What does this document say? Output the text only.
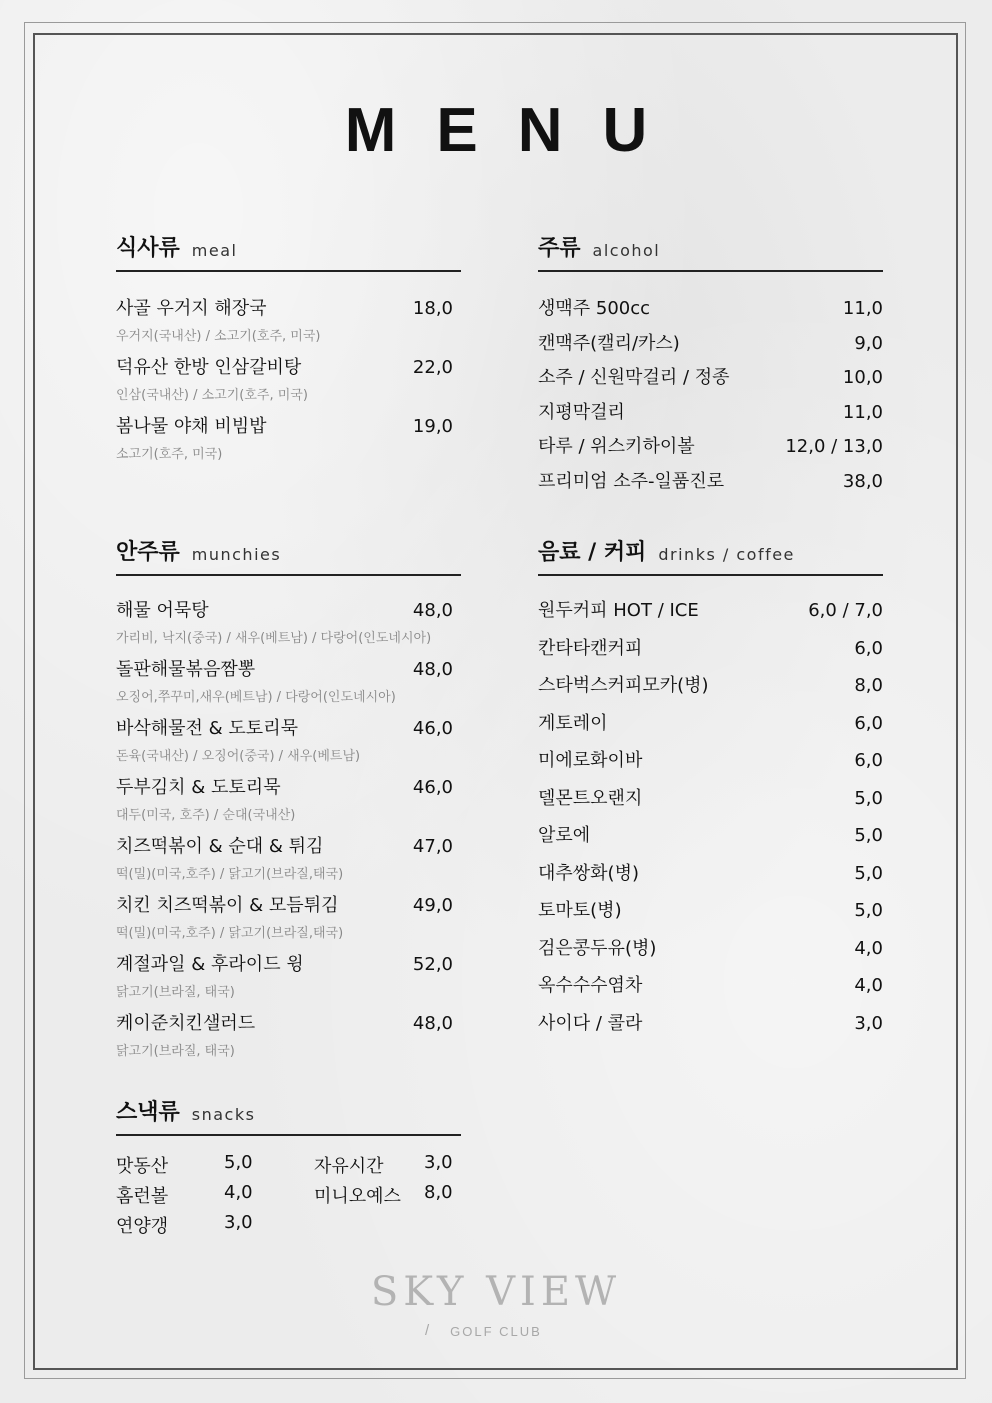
MENU
식사류 meal
사골 우거지 해장국	18,0
우거지(국내산) / 소고기(호주, 미국)
덕유산 한방 인삼갈비탕	22,0
인삼(국내산) / 소고기(호주, 미국)
봄나물 야채 비빔밥	19,0
소고기(호주, 미국)
주류 alcohol
생맥주 500cc	11,0
캔맥주(캘리/카스)	9,0
소주 / 신원막걸리 / 정종	10,0
지평막걸리	11,0
타루 / 위스키하이볼	12,0 / 13,0
프리미엄 소주-일품진로	38,0
안주류 munchies
해물 어묵탕	48,0
가리비, 낙지(중국) / 새우(베트남) / 다랑어(인도네시아)
돌판해물볶음짬뽕	48,0
오징어,쭈꾸미,새우(베트남) / 다랑어(인도네시아)
바삭해물전 & 도토리묵	46,0
돈육(국내산) / 오징어(중국) / 새우(베트남)
두부김치 & 도토리묵	46,0
대두(미국, 호주) / 순대(국내산)
치즈떡볶이 & 순대 & 튀김	47,0
떡(밀)(미국,호주) / 닭고기(브라질,태국)
치킨 치즈떡볶이 & 모듬튀김	49,0
떡(밀)(미국,호주) / 닭고기(브라질,태국)
계절과일 & 후라이드 윙	52,0
닭고기(브라질, 태국)
케이준치킨샐러드	48,0
닭고기(브라질, 태국)
음료 / 커피 drinks / coffee
원두커피 HOT / ICE	6,0 / 7,0
칸타타캔커피	6,0
스타벅스커피모카(병)	8,0
게토레이	6,0
미에로화이바	6,0
델몬트오랜지	5,0
알로에	5,0
대추쌍화(병)	5,0
토마토(병)	5,0
검은콩두유(병)	4,0
옥수수수염차	4,0
사이다 / 콜라	3,0
스낵류 snacks
맛동산	5,0
홈런볼	4,0
연양갱	3,0
자유시간 3,0
미니오예스 8,0
SKY VIEW
/ GOLF CLUB
